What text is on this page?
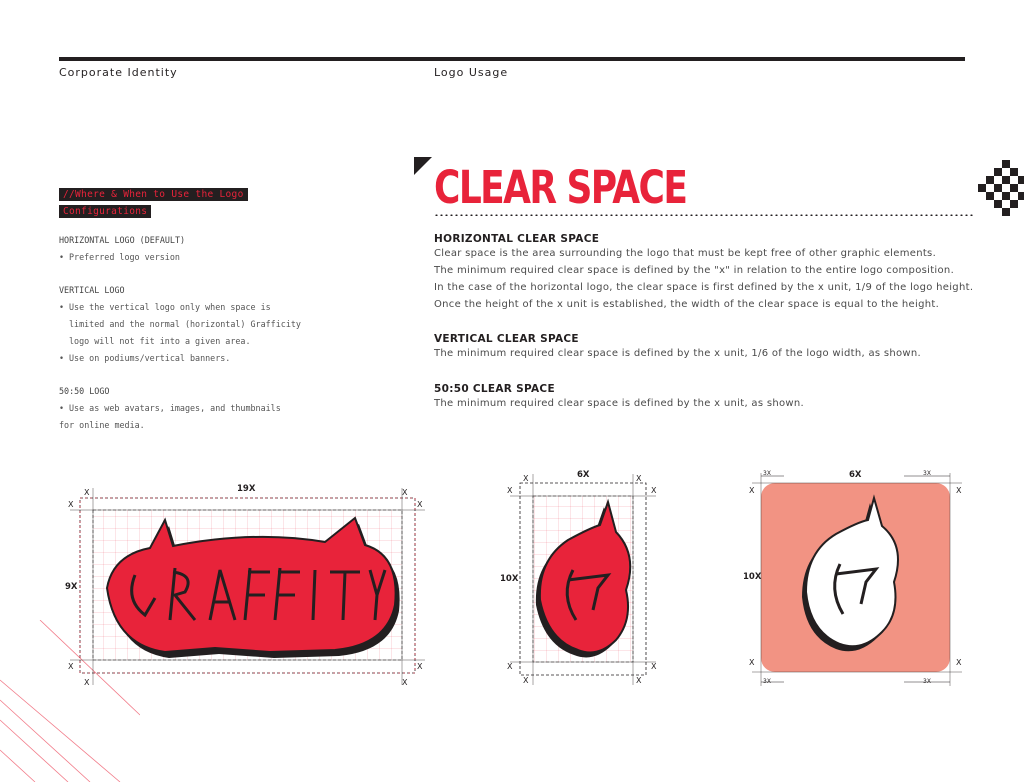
Corporate Identity	Logo Usage
//Where & When to Use the Logo
Configurations
HORIZONTAL LOGO (DEFAULT)
• Preferred logo version
VERTICAL LOGO
• Use the vertical logo only when space is
limited and the normal (horizontal) Grafficity
logo will not fit into a given area.
• Use on podiums/vertical banners.
50:50 LOGO
• Use as web avatars, images, and thumbnails
for online media.
CLEAR SPACE
HORIZONTAL CLEAR SPACE
Clear space is the area surrounding the logo that must be kept free of other graphic elements.
The minimum required clear space is defined by the "x" in relation to the entire logo composition.
In the case of the horizontal logo, the clear space is first defined by the x unit, 1/9 of the logo height.
Once the height of the x unit is established, the width of the clear space is equal to the height.
VERTICAL CLEAR SPACE
The minimum required clear space is defined by the x unit, 1/6 of the logo width, as shown.
50:50 CLEAR SPACE
The minimum required clear space is defined by the x unit, as shown.
19X
9X
X	X
X	X
X	X
X	X
6X
10X
X	X
X	X
X	X
X	X
6X
10X
3X	3X
3X	3X
X	X
X	X
